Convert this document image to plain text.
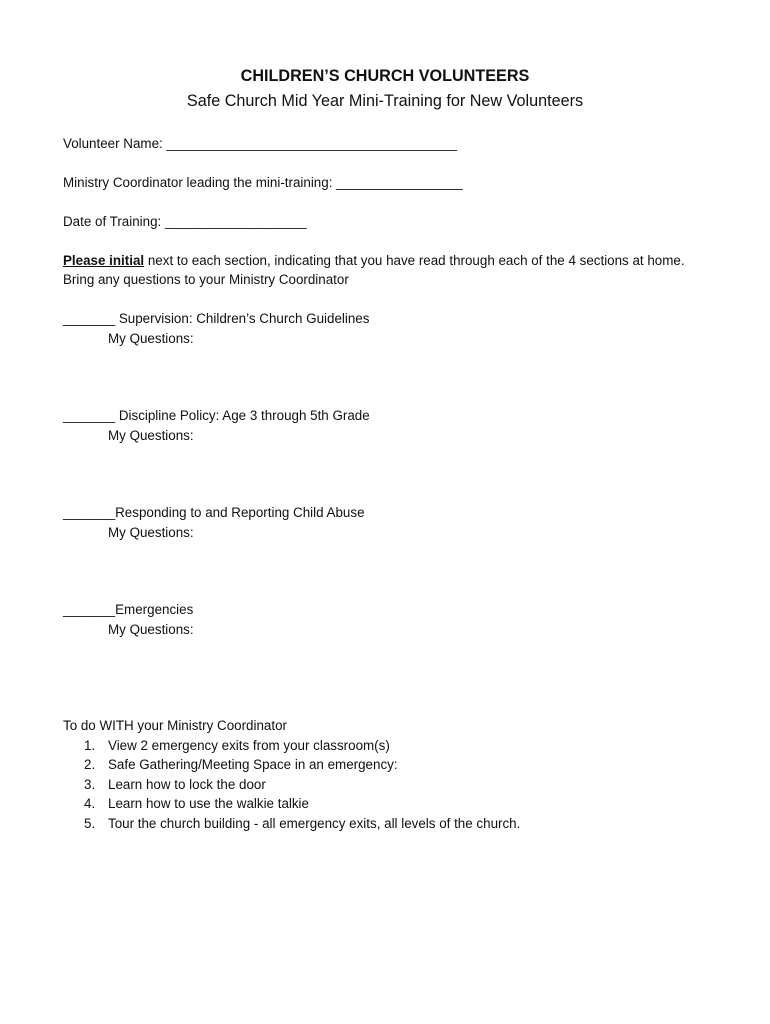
CHILDREN’S CHURCH VOLUNTEERS
Safe Church Mid Year Mini-Training for New Volunteers
Volunteer Name: _______________________________________
Ministry Coordinator leading the mini-training: _________________
Date of Training: ___________________
Please initial next to each section, indicating that you have read through each of the 4 sections at home.
Bring any questions to your Ministry Coordinator
_______ Supervision: Children’s Church Guidelines
My Questions:
_______ Discipline Policy: Age 3 through 5th Grade
My Questions:
_______Responding to and Reporting Child Abuse
My Questions:
_______Emergencies
My Questions:
To do WITH your Ministry Coordinator
1. View 2 emergency exits from your classroom(s)
2. Safe Gathering/Meeting Space in an emergency:
3. Learn how to lock the door
4. Learn how to use the walkie talkie
5. Tour the church building - all emergency exits, all levels of the church.
